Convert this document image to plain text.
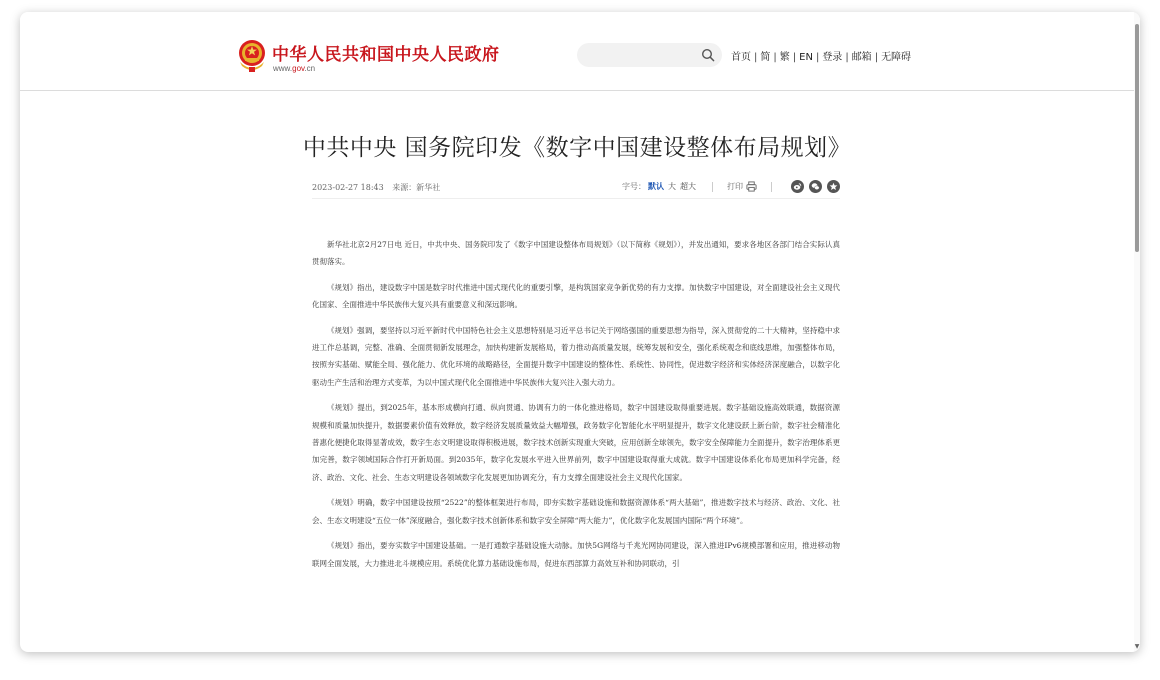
中华人民共和国中央人民政府
www.gov.cn
首页 | 简 | 繁 | EN | 登录 | 邮箱 | 无障碍
▼
中共中央 国务院印发《数字中国建设整体布局规划》
2023-02-27 18:43 来源：新华社	字号： 默认 大 超大	打印

新华社北京2月27日电 近日，中共中央、国务院印发了《数字中国建设整体布局规划》（以下简称《规划》），并发出通知，要求各地区各部门结合实际认真贯彻落实。

《规划》指出，建设数字中国是数字时代推进中国式现代化的重要引擎，是构筑国家竞争新优势的有力支撑。加快数字中国建设，对全面建设社会主义现代化国家、全面推进中华民族伟大复兴具有重要意义和深远影响。

《规划》强调，要坚持以习近平新时代中国特色社会主义思想特别是习近平总书记关于网络强国的重要思想为指导，深入贯彻党的二十大精神，坚持稳中求进工作总基调，完整、准确、全面贯彻新发展理念，加快构建新发展格局，着力推动高质量发展，统筹发展和安全，强化系统观念和底线思维，加强整体布局，按照夯实基础、赋能全局、强化能力、优化环境的战略路径，全面提升数字中国建设的整体性、系统性、协同性，促进数字经济和实体经济深度融合，以数字化驱动生产生活和治理方式变革，为以中国式现代化全面推进中华民族伟大复兴注入强大动力。

《规划》提出，到2025年，基本形成横向打通、纵向贯通、协调有力的一体化推进格局，数字中国建设取得重要进展。数字基础设施高效联通，数据资源规模和质量加快提升，数据要素价值有效释放，数字经济发展质量效益大幅增强，政务数字化智能化水平明显提升，数字文化建设跃上新台阶，数字社会精准化普惠化便捷化取得显著成效，数字生态文明建设取得积极进展，数字技术创新实现重大突破，应用创新全球领先，数字安全保障能力全面提升，数字治理体系更加完善，数字领域国际合作打开新局面。到2035年，数字化发展水平进入世界前列，数字中国建设取得重大成就。数字中国建设体系化布局更加科学完备，经济、政治、文化、社会、生态文明建设各领域数字化发展更加协调充分，有力支撑全面建设社会主义现代化国家。

《规划》明确，数字中国建设按照“2522”的整体框架进行布局，即夯实数字基础设施和数据资源体系“两大基础”，推进数字技术与经济、政治、文化、社会、生态文明建设“五位一体”深度融合，强化数字技术创新体系和数字安全屏障“两大能力”，优化数字化发展国内国际“两个环境”。

《规划》指出，要夯实数字中国建设基础。一是打通数字基础设施大动脉。加快5G网络与千兆光网协同建设，深入推进IPv6规模部署和应用，推进移动物联网全面发展，大力推进北斗规模应用。系统优化算力基础设施布局，促进东西部算力高效互补和协同联动，引
